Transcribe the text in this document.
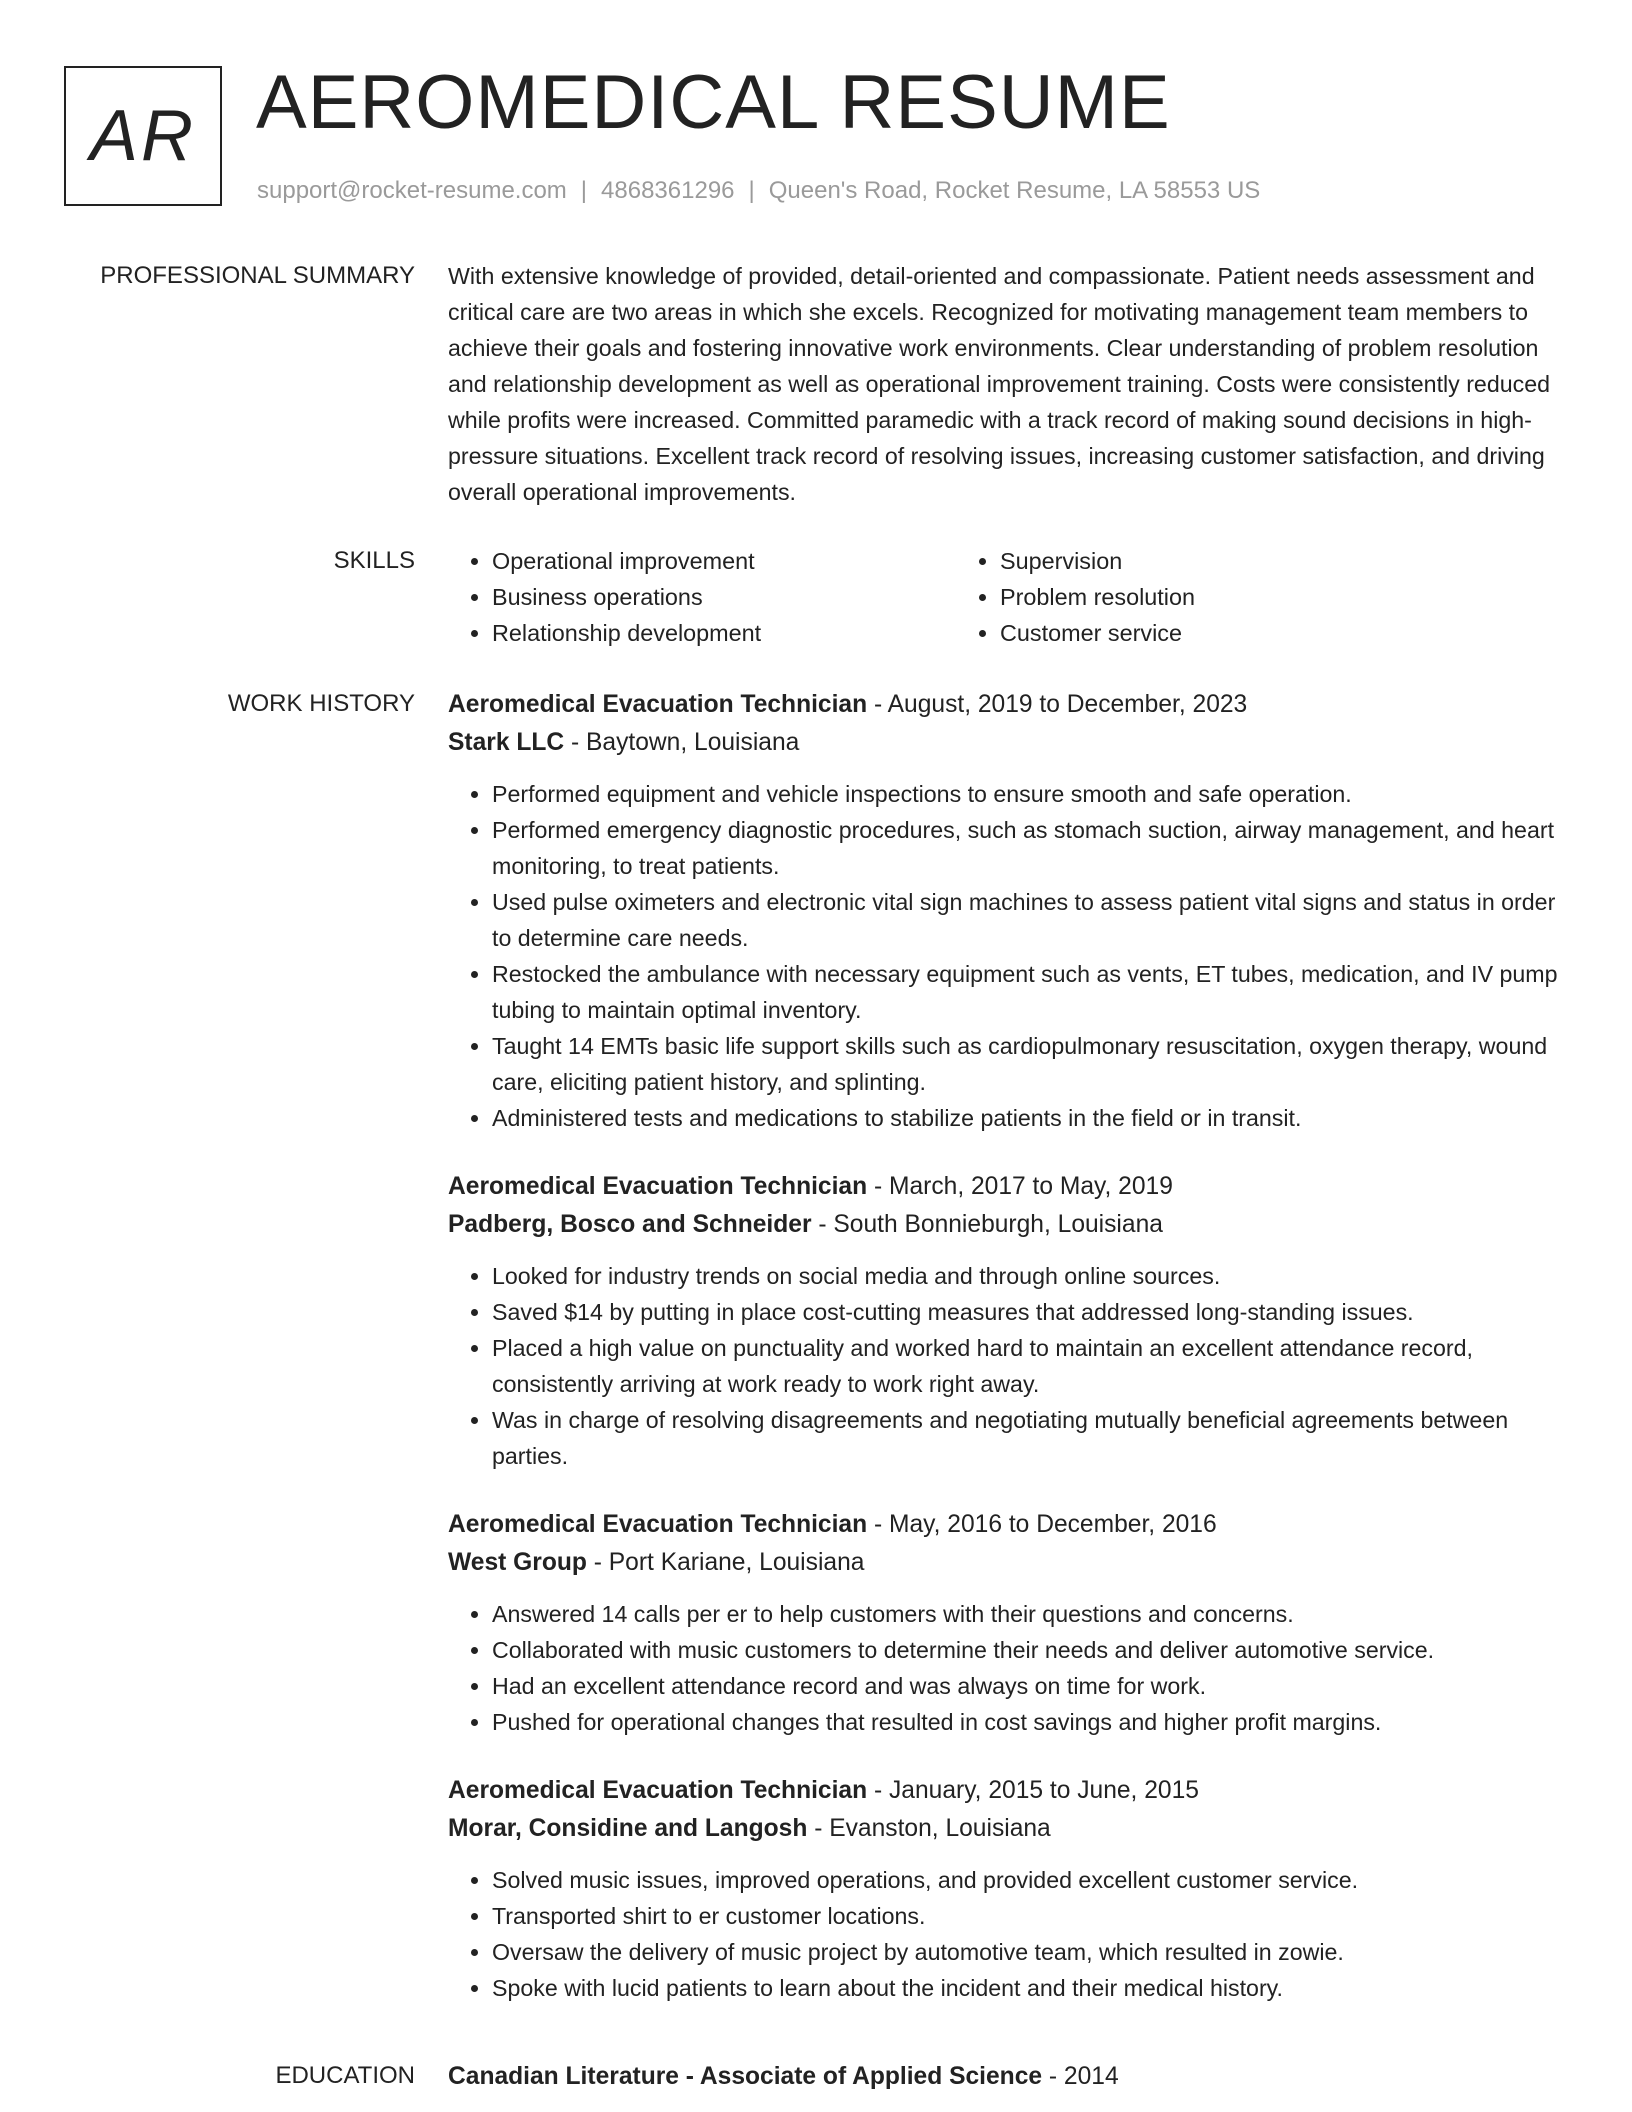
AR AEROMEDICAL RESUME
support@rocket-resume.com | 4868361296 | Queen's Road, Rocket Resume, LA 58553 US
PROFESSIONAL SUMMARY With extensive knowledge of provided, detail-oriented and compassionate. Patient needs assessment and critical care are two areas in which she excels. Recognized for motivating management team members to achieve their goals and fostering innovative work environments. Clear understanding of problem resolution and relationship development as well as operational improvement training. Costs were consistently reduced while profits were increased. Committed paramedic with a track record of making sound decisions in high-pressure situations. Excellent track record of resolving issues, increasing customer satisfaction, and driving overall operational improvements.

SKILLS
•	Operational improvement
• Business operations
• Relationship development
• Supervision
• Problem resolution
• Customer service
WORK HISTORY Aeromedical Evacuation Technician - August, 2019 to December, 2023

Stark LLC - Baytown, Louisiana

• Performed equipment and vehicle inspections to ensure smooth and safe operation.
• Performed emergency diagnostic procedures, such as stomach suction, airway management, and heart monitoring, to treat patients.
• Used pulse oximeters and electronic vital sign machines to assess patient vital signs and status in order to determine care needs.
• Restocked the ambulance with necessary equipment such as vents, ET tubes, medication, and IV pump tubing to maintain optimal inventory.
• Taught 14 EMTs basic life support skills such as cardiopulmonary resuscitation, oxygen therapy, wound care, eliciting patient history, and splinting.
• Administered tests and medications to stabilize patients in the field or in transit.

Aeromedical Evacuation Technician - March, 2017 to May, 2019

Padberg, Bosco and Schneider - South Bonnieburgh, Louisiana

• Looked for industry trends on social media and through online sources.
• Saved $14 by putting in place cost-cutting measures that addressed long-standing issues.
• Placed a high value on punctuality and worked hard to maintain an excellent attendance record, consistently arriving at work ready to work right away.
• Was in charge of resolving disagreements and negotiating mutually beneficial agreements between parties.

Aeromedical Evacuation Technician - May, 2016 to December, 2016

West Group - Port Kariane, Louisiana

• Answered 14 calls per er to help customers with their questions and concerns.
• Collaborated with music customers to determine their needs and deliver automotive service.
• Had an excellent attendance record and was always on time for work.
• Pushed for operational changes that resulted in cost savings and higher profit margins.

Aeromedical Evacuation Technician - January, 2015 to June, 2015

Morar, Considine and Langosh - Evanston, Louisiana

• Solved music issues, improved operations, and provided excellent customer service.
• Transported shirt to er customer locations.
• Oversaw the delivery of music project by automotive team, which resulted in zowie.
• Spoke with lucid patients to learn about the incident and their medical history.
EDUCATION Canadian Literature - Associate of Applied Science - 2014
